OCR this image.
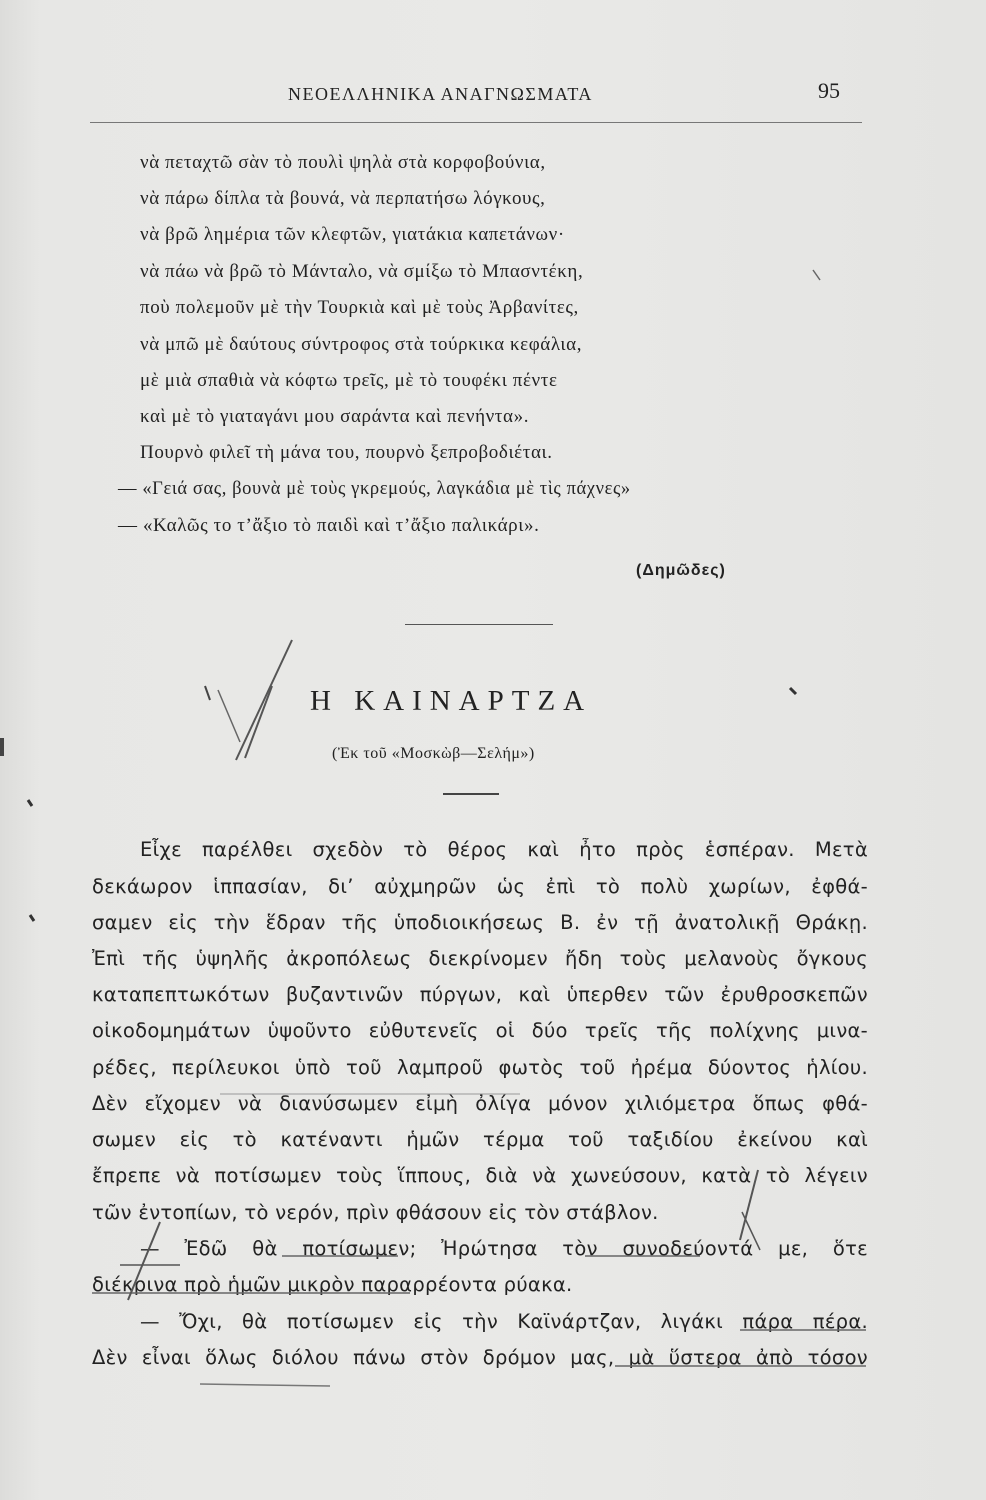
ΝΕΟΕΛΛΗΝΙΚΑ ΑΝΑΓΝΩΣΜΑΤΑ	95
νὰ πεταχτῶ σὰν τὸ πουλὶ ψηλὰ στὰ κορφοβούνια,
νὰ πάρω δίπλα τὰ βουνά, νὰ περπατήσω λόγκους,
νὰ βρῶ λημέρια τῶν κλεφτῶν, γιατάκια καπετάνων·
νὰ πάω νὰ βρῶ τὸ Μάνταλο, νὰ σμίξω τὸ Μπασντέκη,
ποὺ πολεμοῦν μὲ τὴν Τουρκιὰ καὶ μὲ τοὺς Ἀρβανίτες,
νὰ μπῶ μὲ δαύτους σύντροφος στὰ τούρκικα κεφάλια,
μὲ μιὰ σπαθιὰ νὰ κόφτω τρεῖς, μὲ τὸ τουφέκι πέντε
καὶ μὲ τὸ γιαταγάνι μου σαράντα καὶ πενήντα».
Πουρνὸ φιλεῖ τὴ μάνα του, πουρνὸ ξεπροβοδιέται.
— «Γειά σας, βουνὰ μὲ τοὺς γκρεμούς, λαγκάδια μὲ τὶς πάχνες»
— «Καλῶς το τ’ἄξιο τὸ παιδὶ καὶ τ’ἄξιο παλικάρι».
(Δημῶδες)
Η ΚΑΙΝΑΡΤΖΑ
(Ἐκ τοῦ «Μοσκὼβ—Σελήμ»)
Εἶχε παρέλθει σχεδὸν τὸ θέρος καὶ ἦτο πρὸς ἑσπέραν. Μετὰ
δεκάωρον ἱππασίαν, δι’ αὐχμηρῶν ὡς ἐπὶ τὸ πολὺ χωρίων, ἐφθά-
σαμεν εἰς τὴν ἕδραν τῆς ὑποδιοικήσεως Β. ἐν τῇ ἀνατολικῇ Θράκῃ.
Ἐπὶ τῆς ὑψηλῆς ἀκροπόλεως διεκρίνομεν ἤδη τοὺς μελανοὺς ὄγκους
καταπεπτωκότων βυζαντινῶν πύργων, καὶ ὑπερθεν τῶν ἐρυθροσκεπῶν
οἰκοδομημάτων ὑψοῦντο εὐθυτενεῖς οἱ δύο τρεῖς τῆς πολίχνης μινα-
ρέδες, περίλευκοι ὑπὸ τοῦ λαμπροῦ φωτὸς τοῦ ἠρέμα δύοντος ἡλίου.
Δὲν εἴχομεν νὰ διανύσωμεν εἰμὴ ὀλίγα μόνον χιλιόμετρα ὅπως φθά-
σωμεν εἰς τὸ κατέναντι ἡμῶν τέρμα τοῦ ταξιδίου ἐκείνου καὶ
ἔπρεπε νὰ ποτίσωμεν τοὺς ἵππους, διὰ νὰ χωνεύσουν, κατὰ τὸ λέγειν
τῶν ἐντοπίων, τὸ νερόν, πρὶν φθάσουν εἰς τὸν στάβλον.
— Ἐδῶ θὰ ποτίσωμεν; Ἠρώτησα τὸν συνοδεύοντά με, ὅτε
διέκρινα πρὸ ἡμῶν μικρὸν παραρρέοντα ρύακα.
— Ὄχι, θὰ ποτίσωμεν εἰς τὴν Καϊνάρτζαν, λιγάκι πάρα πέρα.
Δὲν εἶναι ὅλως διόλου πάνω στὸν δρόμον μας, μὰ ὕστερα ἀπὸ τόσον
